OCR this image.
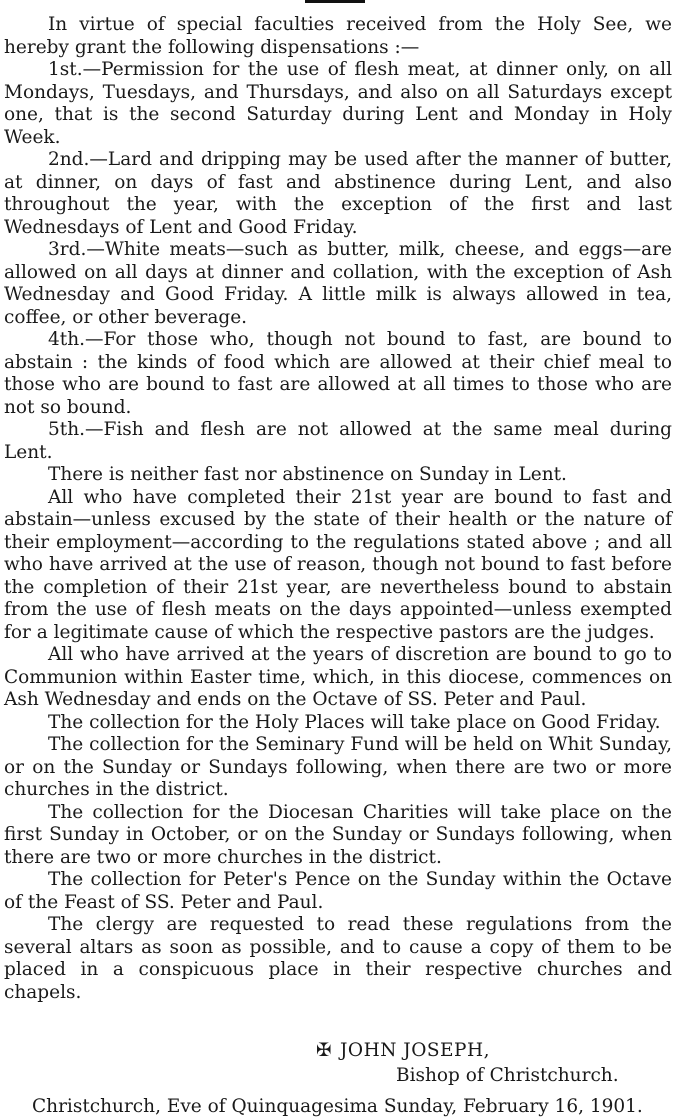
In virtue of special faculties received from the Holy See, we hereby grant the following dispensations :—

1st.—Permission for the use of flesh meat, at dinner only, on all Mondays, Tuesdays, and Thursdays, and also on all Saturdays except one, that is the second Saturday during Lent and Monday in Holy Week.

2nd.—Lard and dripping may be used after the manner of butter, at dinner, on days of fast and abstinence during Lent, and also throughout the year, with the exception of the first and last Wednesdays of Lent and Good Friday.

3rd.—White meats—such as butter, milk, cheese, and eggs—are allowed on all days at dinner and collation, with the exception of Ash Wednesday and Good Friday. A little milk is always allowed in tea, coffee, or other beverage.

4th.—For those who, though not bound to fast, are bound to abstain : the kinds of food which are allowed at their chief meal to those who are bound to fast are allowed at all times to those who are not so bound.

5th.—Fish and flesh are not allowed at the same meal during Lent.

There is neither fast nor abstinence on Sunday in Lent.

All who have completed their 21st year are bound to fast and abstain—unless excused by the state of their health or the nature of their employment—according to the regulations stated above ; and all who have arrived at the use of reason, though not bound to fast before the completion of their 21st year, are nevertheless bound to abstain from the use of flesh meats on the days appointed—unless exempted for a legitimate cause of which the respective pastors are the judges.

All who have arrived at the years of discretion are bound to go to Communion within Easter time, which, in this diocese, commences on Ash Wednesday and ends on the Octave of SS. Peter and Paul.

The collection for the Holy Places will take place on Good Friday.

The collection for the Seminary Fund will be held on Whit Sunday, or on the Sunday or Sundays following, when there are two or more churches in the district.

The collection for the Diocesan Charities will take place on the first Sunday in October, or on the Sunday or Sundays following, when there are two or more churches in the district.

The collection for Peter's Pence on the Sunday within the Octave of the Feast of SS. Peter and Paul.

The clergy are requested to read these regulations from the several altars as soon as possible, and to cause a copy of them to be placed in a conspicuous place in their respective churches and chapels.

✠ JOHN JOSEPH,
Bishop of Christchurch.
Christchurch, Eve of Quinquagesima Sunday, February 16, 1901.
